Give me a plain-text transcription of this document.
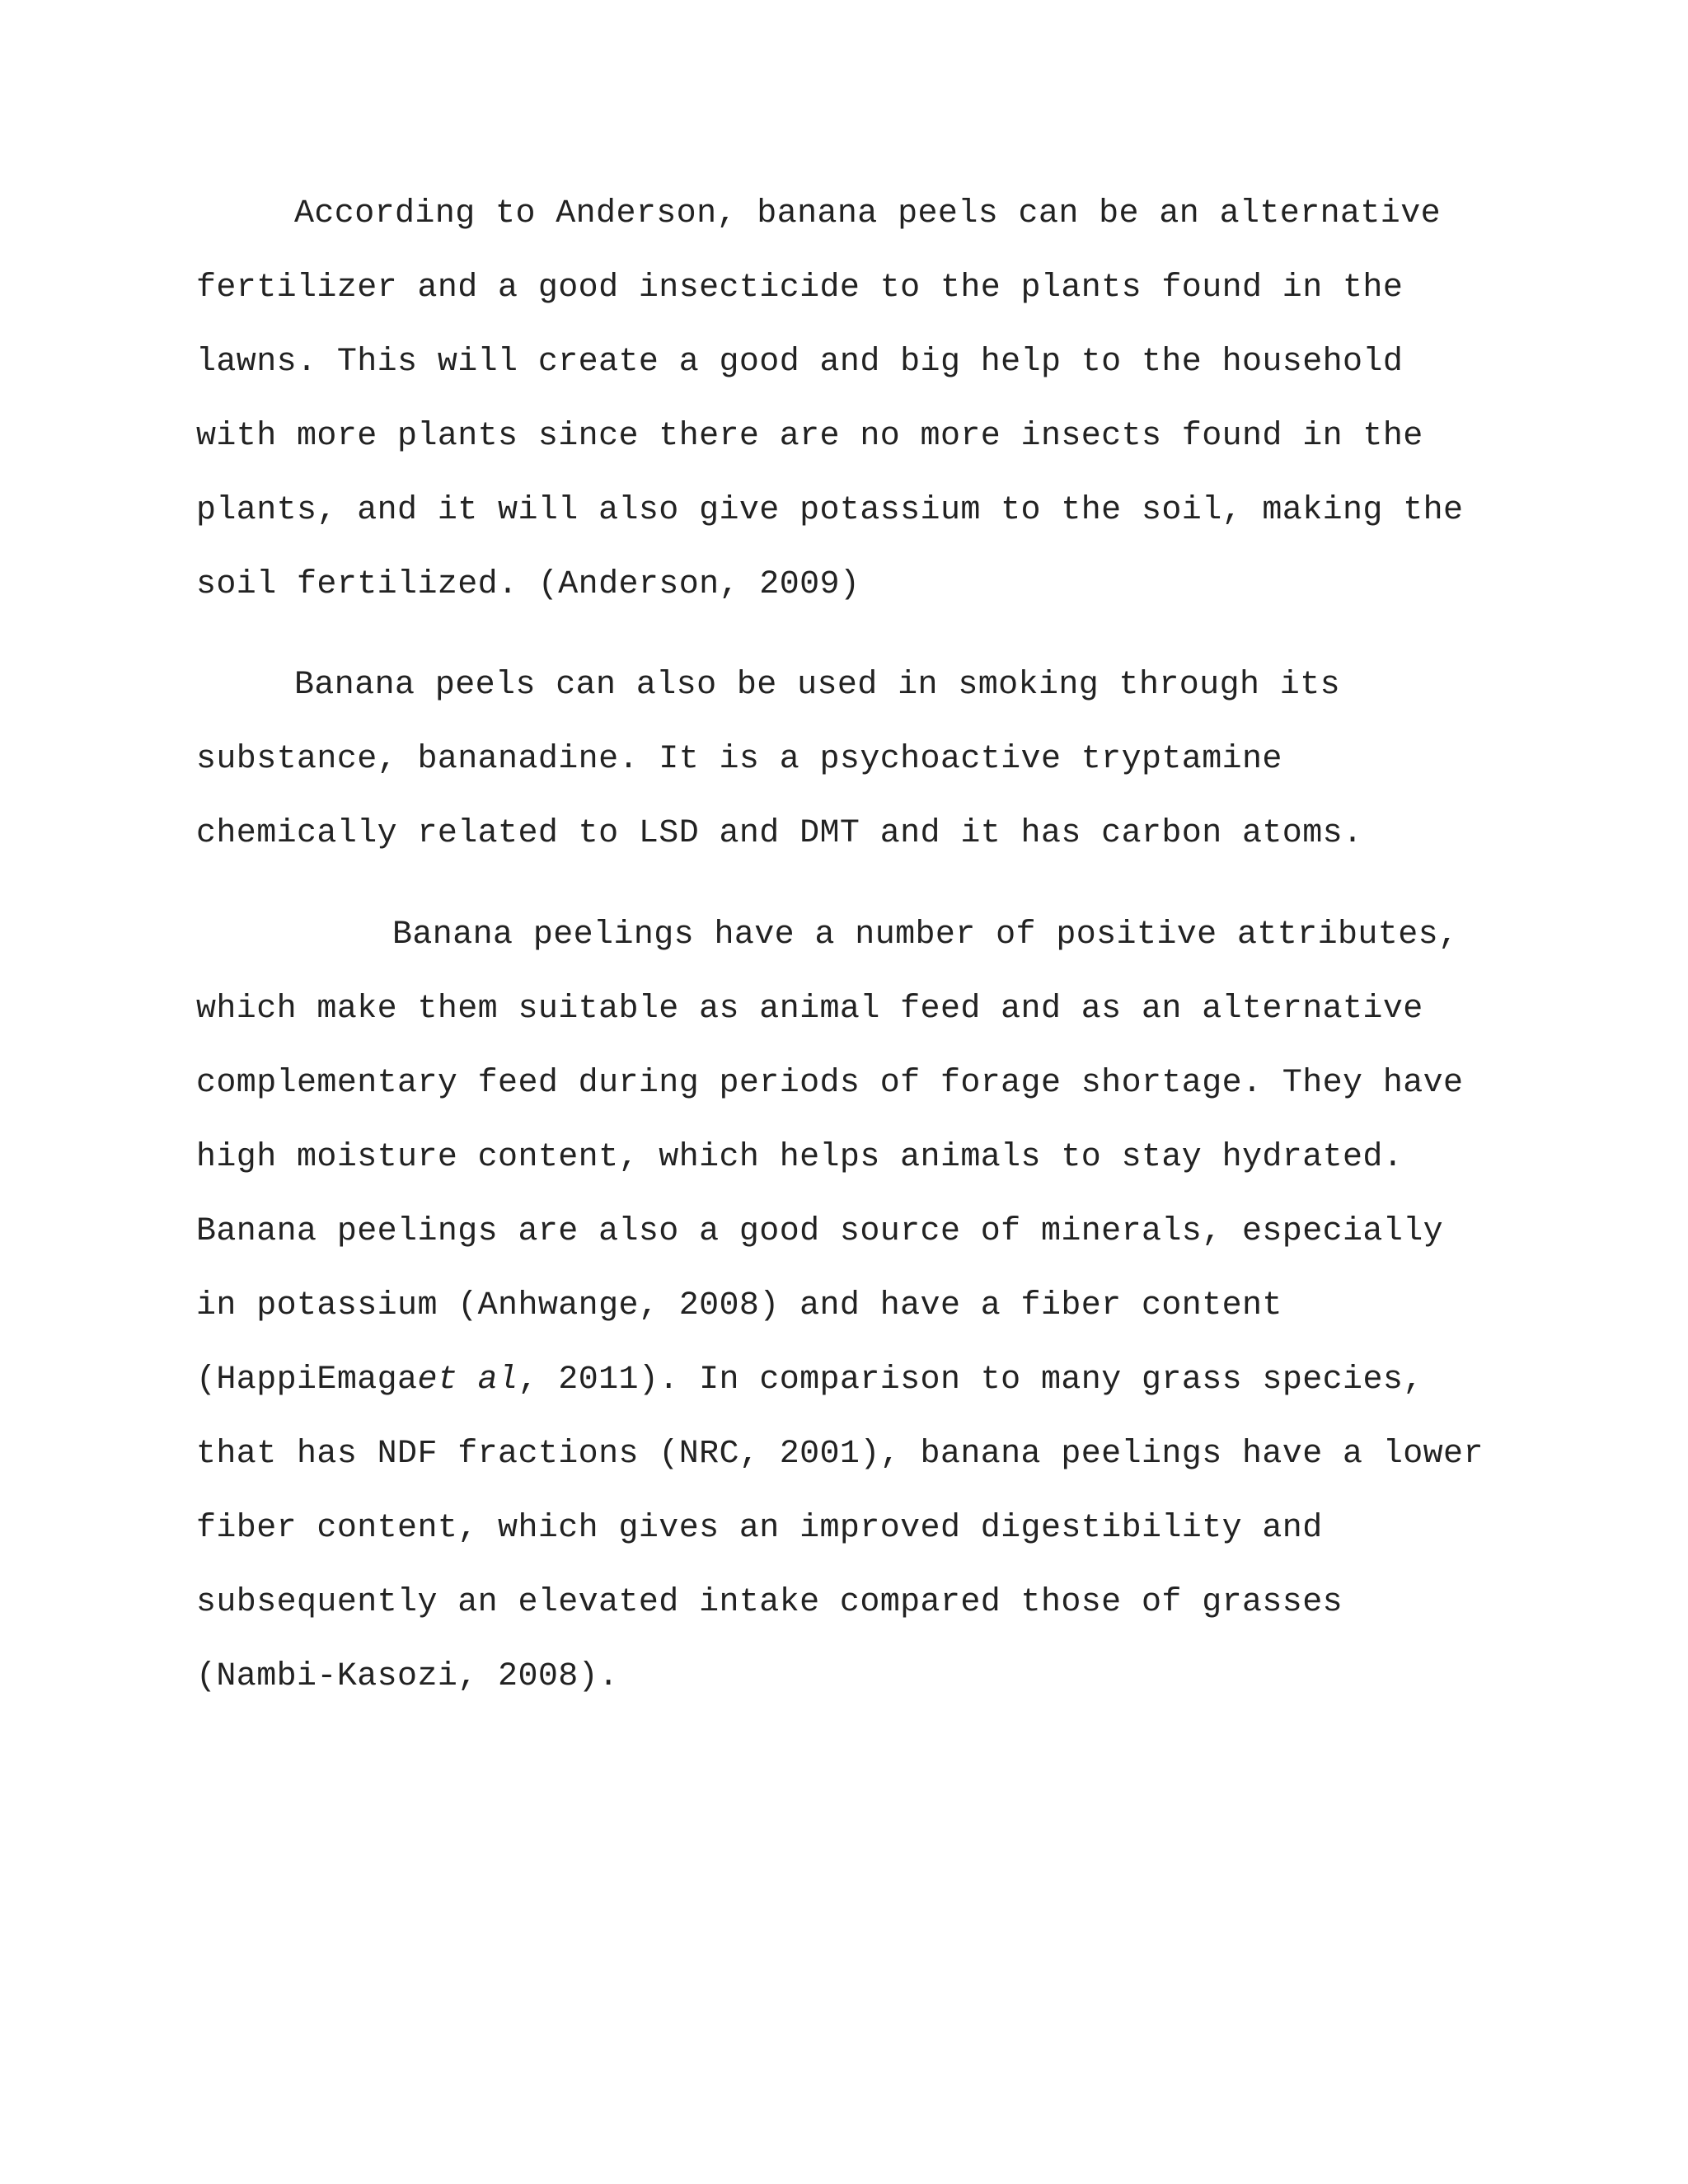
According to Anderson, banana peels can be an alternative
fertilizer and a good insecticide to the plants found in the
lawns. This will create a good and big help to the household
with more plants since there are no more insects found in the
plants, and it will also give potassium to the soil, making the
soil fertilized. (Anderson, 2009)
Banana peels can also be used in smoking through its
substance, bananadine. It is a psychoactive tryptamine
chemically related to LSD and DMT and it has carbon atoms.
Banana peelings have a number of positive attributes,
which make them suitable as animal feed and as an alternative
complementary feed during periods of forage shortage. They have
high moisture content, which helps animals to stay hydrated.
Banana peelings are also a good source of minerals, especially
in potassium (Anhwange, 2008) and have a fiber content
(HappiEmagaet al, 2011). In comparison to many grass species,
that has NDF fractions (NRC, 2001), banana peelings have a lower
fiber content, which gives an improved digestibility and
subsequently an elevated intake compared those of grasses
(Nambi-Kasozi, 2008).
